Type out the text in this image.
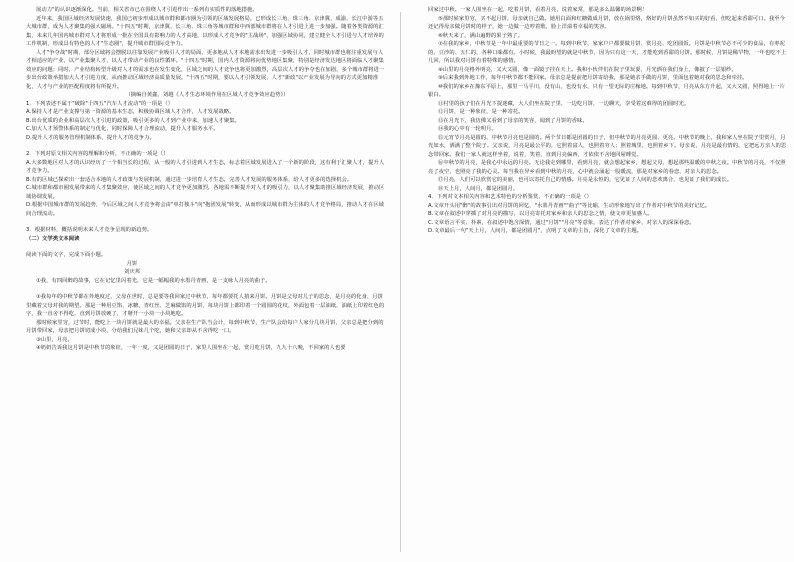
展动力"的认识逐渐深化。当前，相关省市已在围绕人才引进作出一系列有实质性的落地措施。

近年来，我国区域经济发展快速，我国已初步形成以城市群和都市圈为引领的区域发展格局。已形成长三角、珠三角、京津冀、成渝、长江中游等五大城市群，成为人才聚集的强大磁场。"十四五"时期，京津冀、长三角、珠三角等城市群和中西部城市群将在人才引进上进一步加强。随着各类资源的汇集，未来几年国内城市群对人才将形成一批在全国具有影响力的人才高地，以形成人才竞争的"主战场"，加强区域协同，建立健全人才引进与人才培养的工作机制，形成具有特色的人才"生态圈"，提升城市群国际竞争力。

人才"争夺战"时期，部分区域将会摆脱以往靠发展产业吸引人才的局面，更多地从人才本地需求出发进一步吸引人才，同时城市群也将注重发展与人才相适应的产业，以产业集聚人才，以人才带动产业的良性循环。"十四五"时期，国内人才资源将向优势地区集聚，特别是经济发达地区将面临人才聚集效应的问题；同时，产业结构转型升级对人才的需求也在发生变化，区域之间的人才竞争也将更加激烈，高层次人才的争夺也在加剧，多个城市群将进一步出台政策举措加大人才引进力度，从而推动区域经济高质量发展。"十四五"时期，要以人才引领发展，人才"新政"以产业发展为导向的方式更加精准化，人才与产业的匹配程度将有所提升。

（摘编自黄鑫、刘越《人才生态环境作用在区域人才竞争效应趋势》）

1．下列表述不属于"破除"十四五"汽车人才流动"的一项是（）

A.保持人才是产业支撑与第一资源的基本生态，积极协调区域人才合作，人才发展战略。

B.出台优质的企业和高层次人才引进的政策，吸引更多的人才到产业中来，加速人才聚集。

C.加大人才预警体系的制定与优化，同时保障人才合理流动，提升人才服务水平。

D.提升人才的服务管理机制体系，提升人才的竞争力。

2．下列对原文相关内容的理解和分析，不正确的一项是（）

A.大多数地区对人才的认识经历了一个相当长的过程，从一般的人才引进到人才生态，标志着区域发展进入了一个新的阶段，这有利于汇聚人才，提升人才竞争力。

B.有的区域已探索出一套适合本地的人才政策与发展机制，通过进一步培育人才生态，完善人才发展的服务体系，给人才更多的选择机会。

C.城市群和都市圈发展带来的人才集聚效应，使区域之间的人才竞争更加激烈，各地需不断提升对人才的吸引力，以人才聚集助推区域经济发展，推动区域协调发展。

D.根据中国城市群的发展趋势，今后区域之间人才竞争将会由"单打独斗"向"抱团发展"转变，从而形成以城市群为主体的人才竞争格局，推动人才在区域间合理流动。

3．根据材料，概括说明未来人才竞争呈现的新趋势。

（二）文学类文本阅读

阅读下面的文字，完成下面小题。

月饼

刘庆邦

①我，有四回醉的故事，它在记忆里闪着光，它是一幅幅我的水墨丹青画，是一支咏人月亮的曲子。

②我每年的中秋节都在外地度过，父母在世时，总是要等我回家过中秋节，每年都要托人捎来月饼。月饼是父母对儿子的思念，是月亮的化身，月饼里藏着父母对我的期望。那是一种用豆馅、冰糖、青红丝、芝麻做馅的月饼，每块月饼上都印着一个圆圆的花纹，外面包着一层油纸，油纸上印着红色的字，我一直舍不得吃，直到月饼放硬了，才掰开一小块一小块地吃。

那时候家里穷，过节时，能吃上一块月饼就是最大的幸福。父亲在生产队当会计，每到中秋节，生产队会给每户人家分几块月饼，父亲总是把分到的月饼带回家，母亲把月饼切成小块，分给我们兄妹几个吃，她和父亲却从不舍得吃一口。

③山里，月亮。

④奶奶告诉我这月饼是中秋节的象征，一年一度，又是团圆的日子，家里人围坐在一起，赏月吃月饼，九九十八晚，不回家的人也要

回家过中秋。一家人围坐在一起，吃着月饼，看着月亮，说着家常，那是多么温馨的场景啊！

⑤那时候家里穷，买不起月饼，母亲就自己做。她用白面和红糖做成月饼，放在锅里烙，烙好的月饼虽然不如买的好看，但吃起来香甜可口。我至今还记得母亲做月饼时的样子，她一边做一边哼着歌，脸上洋溢着幸福的笑容。

⑥秋天来了，满山遍野的果子熟了。

⑦在我的家乡，中秋节是一年中最重要的节日之一。每到中秋节，家家户户都要做月饼、赏月亮、吃团圆饭。月饼是中秋节必不可少的食品，有枣泥的、豆沙的、五仁的，各种口味都有。小时候，我最盼望的就是中秋节，因为只有这一天，才能吃到香甜的月饼。那时候，月饼是稀罕物，一年也吃不上几回，所以我对月饼有着特殊的感情。

⑧山里的月亮格外明亮，又大又圆，像一面镜子挂在天上。我和小伙伴们在院子里玩耍，月光洒在我们身上，像披了一层银纱。

⑨后来我到外地工作，每年中秋节都不能回家。母亲总是提前把月饼寄给我，那是她亲手做的月饼，里面包着她对我的思念和牵挂。

⑩我们的家乡在豫东平原上，那里一马平川，没有山，也没有水，只有一望无际的庄稼地。每到中秋节，月亮从东方升起，又大又圆，照得地上一片银白。

⑪村里的孩子们在月光下捉迷藏，大人们坐在院子里，一边吃月饼，一边聊天，享受着这难得的团圆时光。

⑫月饼，是一种象征，是一种寄托。

⑬在月光下，我仿佛又看到了母亲的笑容，闻到了月饼的香味。

⑭我的心中有一轮明月。

⑮元宵节月亮是圆的，中秋节月亮也是圆的。两个节日都是团圆的日子，但中秋节的月亮更圆、更亮。中秋节的晚上，我和家人坐在院子里赏月，月光如水，洒满了整个院子。父亲说，月亮是最公平的，它照着富人，也照着穷人；照着城里，也照着乡下。母亲说，月亮是最有情的，它把远方亲人的思念带回家。我们一家人就这样坐着，说着，笑着，直到月亮偏西，才依依不舍地回屋睡觉。

⑯中秋节的月亮，是我心中永远的月亮。无论我走到哪里，看到月亮，就会想起家乡，想起父母，想起那些温暖的中秋之夜。中秋节的月亮，不仅照亮了夜空，也照亮了我的心灵。每当我在异乡看到中秋的月亮，心中就会涌起一股暖流，那是对家乡的眷恋，对亲人的思念。

⑰月亮，人们可以欣赏它的美丽，也可以寄托自己的情感。月亮是永恒的，它见证了人间的悲欢离合，也见证了我们的成长。

⑱天上月，人间月，都是团圆月。

4．下列对文本相关内容和艺术特色的分析鉴赏，不正确的一项是（）

A.文章开头用"醉"的故事引出对月饼的回忆，"水墨丹青画""曲子"等比喻，生动形象地写出了作者对中秋节的美好记忆。

B.文章在叙述中穿插了对月亮的描写，以月亮寄托对家乡和亲人的思念之情，使文章更加感人。

C.文章语言平实、朴素，在叙述中饱含深情，通过"月饼""月亮"等意象，表达了作者对家乡、对亲人的深深眷恋。

D.文章最后一句"天上月，人间月，都是团圆月"，点明了文章的主旨，深化了文章的主题。
